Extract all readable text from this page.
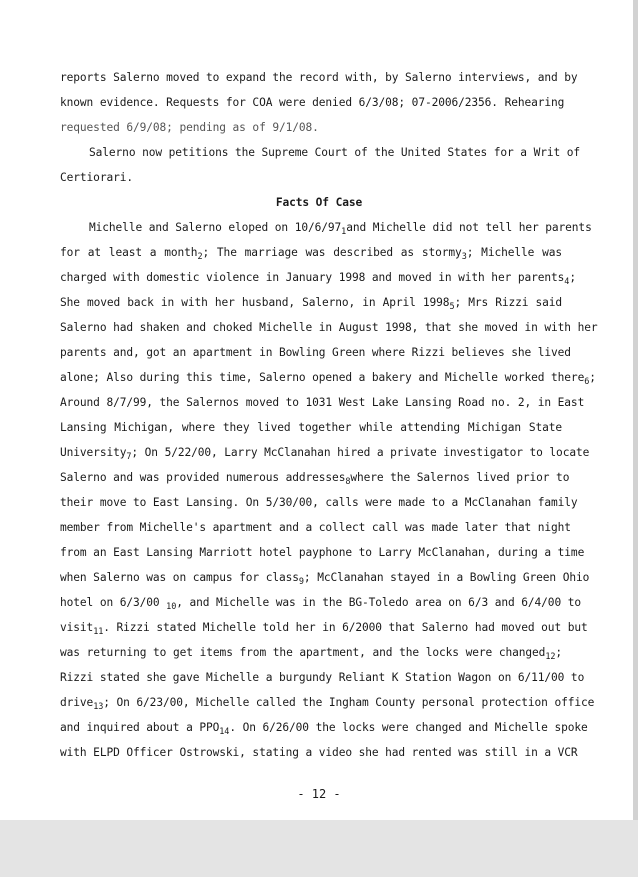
reports Salerno moved to expand the record with, by Salerno interviews, and by
known evidence. Requests for COA were denied 6/3/08; 07-2006/2356. Rehearing
requested 6/9/08; pending as of 9/1/08.
Salerno now petitions the Supreme Court of the United States for a Writ of
Certiorari.
Facts Of Case
Michelle and Salerno eloped on $10/6/97_1and$ Michelle did not tell her parents
for at least a month$_2$; The marriage was described as stormy$_3$; Michelle was
charged with domestic violence in January 1998 and moved in with her parents$_4$;
She moved back in with her husband, Salerno, in April $1998_5$; Mrs Rizzi said
Salerno had shaken and choked Michelle in August 1998, that she moved in with her
parents and, got an apartment in Bowling Green where Rizzi believes she lived
alone; Also during this time, Salerno opened a bakery and Michelle worked there$_6$;
Around 8/7/99, the Salernos moved to 1031 West Lake Lansing Road no. 2, in East
Lansing Michigan, where they lived together while attending Michigan State
University$_7$; On 5/22/00, Larry McClanahan hired a private investigator to locate
Salerno and was provided numerous addresses$_8$where the Salernos lived prior to
their move to East Lansing. On 5/30/00, calls were made to a McClanahan family
member from Michelle's apartment and a collect call was made later that night
from an East Lansing Marriott hotel payphone to Larry McClanahan, during a time
when Salerno was on campus for class$_9$; McClanahan stayed in a Bowling Green Ohio
hotel on 6/3/00 $_{10}$, and Michelle was in the BG-Toledo area on 6/3 and 6/4/00 to
visit$_{11}$. Rizzi stated Michelle told her in 6/2000 that Salerno had moved out but
was returning to get items from the apartment, and the locks were changed$_{12}$;
Rizzi stated she gave Michelle a burgundy Reliant K Station Wagon on 6/11/00 to
drive$_{13}$; On 6/23/00, Michelle called the Ingham County personal protection office
and inquired about a $PPO_{14}$. On 6/26/00 the locks were changed and Michelle spoke
with ELPD Officer Ostrowski, stating a video she had rented was still in a VCR
- 12 -
